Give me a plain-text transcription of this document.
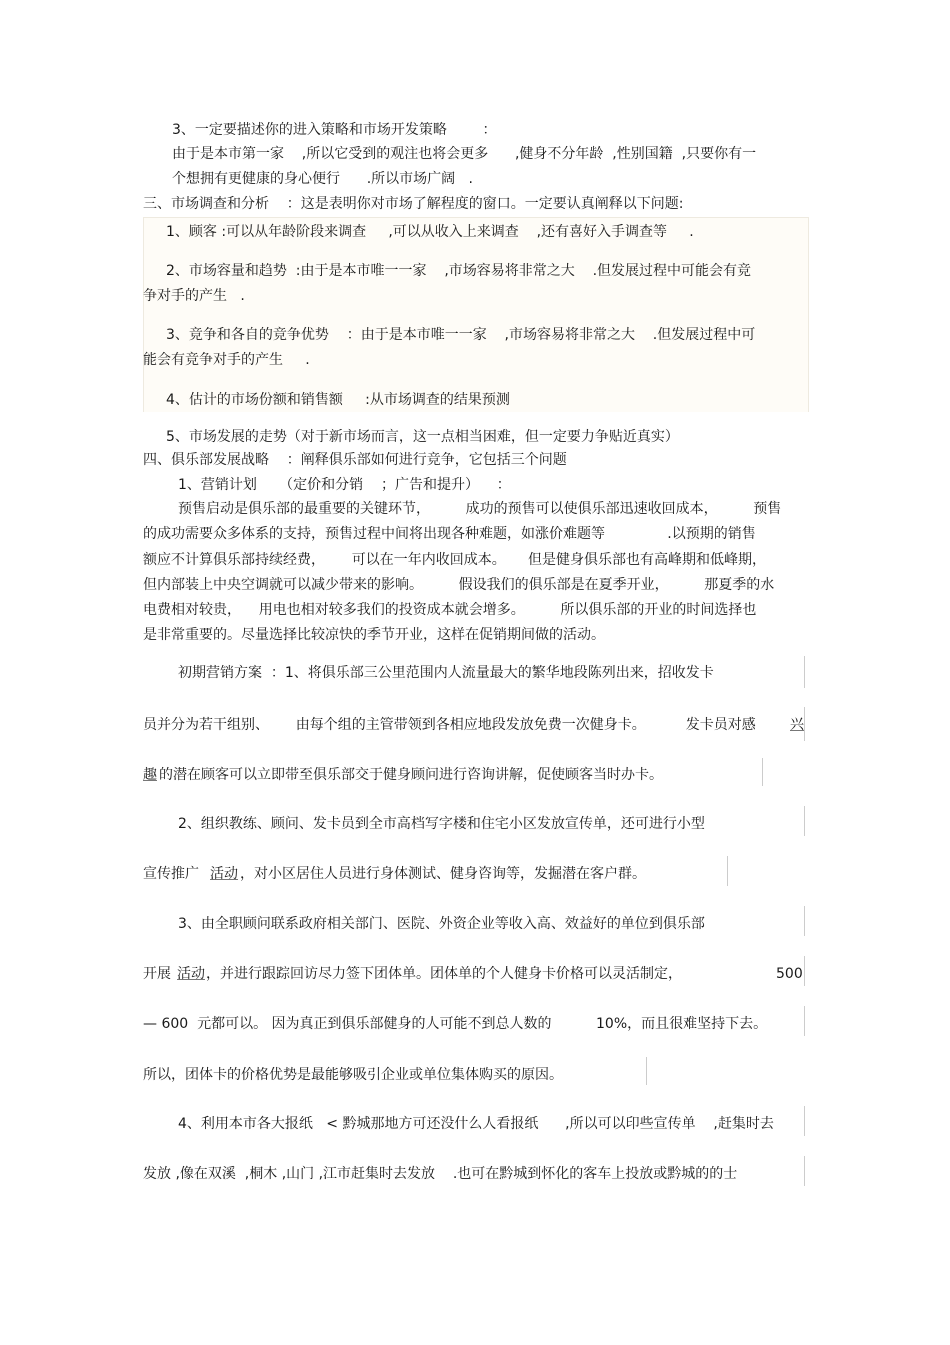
3、一定要描述你的进入策略和市场开发策略        ：
由于是本市第一家    ,所以它受到的观注也将会更多      ,健身不分年龄  ,性别国籍  ,只要你有一
个想拥有更健康的身心便行      .所以市场广阔   .
三、市场调查和分析    ：这是表明你对市场了解程度的窗口。一定要认真阐释以下问题:
1、顾客 :可以从年龄阶段来调查     ,可以从收入上来调查    ,还有喜好入手调查等     .
2、市场容量和趋势  :由于是本市唯一一家    ,市场容易将非常之大    .但发展过程中可能会有竞
争对手的产生   .
3、竞争和各自的竞争优势    ：由于是本市唯一一家    ,市场容易将非常之大    .但发展过程中可
能会有竞争对手的产生     .
4、估计的市场份额和销售额     :从市场调查的结果预测
5、市场发展的走势（对于新市场而言，这一点相当困难，但一定要力争贴近真实）
四、俱乐部发展战略    ：阐释俱乐部如何进行竞争，它包括三个问题
1、营销计划     （定价和分销    ；广告和提升）    ：
预售启动是俱乐部的最重要的关键环节，        成功的预售可以使俱乐部迅速收回成本，        预售
的成功需要众多体系的支持，预售过程中间将出现各种难题，如涨价难题等              .以预期的销售
额应不计算俱乐部持续经费，      可以在一年内收回成本。     但是健身俱乐部也有高峰期和低峰期，
但内部装上中央空调就可以减少带来的影响。        假设我们的俱乐部是在夏季开业，        那夏季的水
电费相对较贵，    用电也相对较多我们的投资成本就会增多。        所以俱乐部的开业的时间选择也
是非常重要的。尽量选择比较凉快的季节开业，这样在促销期间做的活动。
初期营销方案  ：1、将俱乐部三公里范围内人流量最大的繁华地段陈列出来，招收发卡
员并分为若干组别、      由每个组的主管带领到各相应地段发放免费一次健身卡。         发卡员对感 兴
趣 的潜在顾客可以立即带至俱乐部交于健身顾问进行咨询讲解，促使顾客当时办卡。
2、组织教练、顾问、发卡员到全市高档写字楼和住宅小区发放宣传单，还可进行小型
宣传推广 活动 ，对小区居住人员进行身体测试、健身咨询等，发掘潜在客户群。
3、由全职顾问联系政府相关部门、医院、外资企业等收入高、效益好的单位到俱乐部
开展 活动 ，并进行跟踪回访尽力签下团体单。团体单的个人健身卡价格可以灵活制定，	500
— 600  元都可以。 因为真正到俱乐部健身的人可能不到总人数的          10%，而且很难坚持下去。
所以，团体卡的价格优势是最能够吸引企业或单位集体购买的原因。
4、利用本市各大报纸   < 黔城那地方可还没什么人看报纸      ,所以可以印些宣传单    ,赶集时去
发放 ,像在双溪  ,桐木 ,山门 ,江市赶集时去发放    .也可在黔城到怀化的客车上投放或黔城的的士
